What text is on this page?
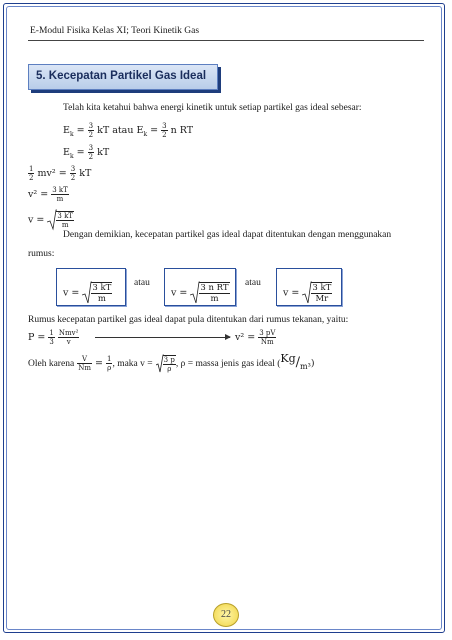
E-Modul Fisika Kelas XI; Teori Kinetik Gas
5. Kecepatan Partikel Gas Ideal
Telah kita ketahui bahwa energi kinetik untuk setiap partikel gas ideal sebesar:
$E_k = \frac{3}{2}$ kT atau $E_k = \frac{3}{2}$ n RT
$E_k = \frac{3}{2}$ kT
$\frac{1}{2} mv^2 = \frac{3}{2}$ kT
$v^2 = \frac{3 kT}{m}$
$v = \frac{3 kT}{m}$
Dengan demikian, kecepatan partikel gas ideal dapat ditentukan dengan menggunakan
rumus:
$v = \frac{3 kT}{m}$ atau
$v = \frac{\text{3 n RT}}{m}$ atau
$v = \frac{3 kT}{Mr}$
Rumus kecepatan partikel gas ideal dapat pula ditentukan dari rumus tekanan, yaitu:
$P = \frac{1}{3}$
$\frac{\text{Nmv²}}{v}$	$v^2 = \frac{3 pV}{Nm}$
Oleh karena $\frac{V}{Nm} = \frac{1}{\rho}$ , maka $v = \frac{3 p}{\rho}$ , ρ = massa jenis gas ideal $(Kg/_{m^3})$
22
